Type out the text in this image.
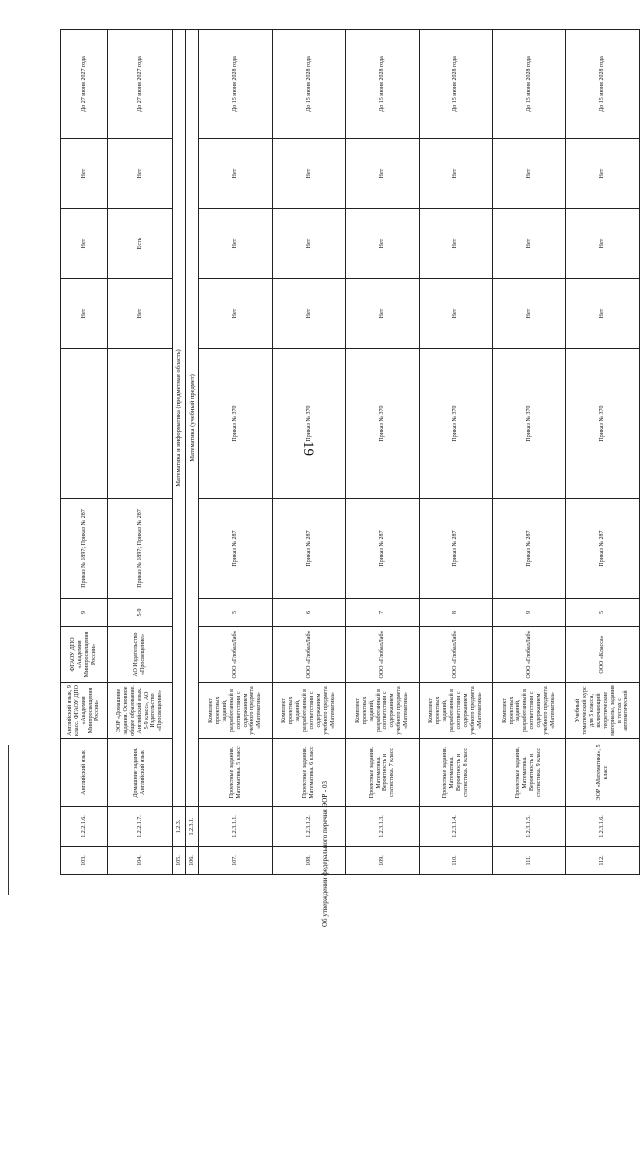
19
Об утверждении федерального перечня ЭОР - 03
103.	1.2.2.1.6.	Английский язык	Английский язык, 9 класс. ФГАОУ ДПО «Академия Минпросвещения России»	ФГАОУ ДПО «Академия Минпросвещения России»	9	Приказ № 1897; Приказ № 287		Нет	Нет	Нет	До 27 июня 2027 года
104.	1.2.2.1.7.	Домашние задания. Английский язык	ЭОР «Домашние задания. Основное общее образование. Английский язык. 5-9 класс», АО Издательство «Просвещение»	АО Издательство «Просвещение»	5-9	Приказ № 1897; Приказ № 287		Нет	Есть	Нет	До 27 июня 2027 года
105.	1.2.3.	Математика и информатика (предметная область)									
106.	1.2.3.1.	Математика (учебный предмет)									
107.	1.2.3.1.1.	Проектные задания. Математика. 5 класс	Комплект проектных заданий, разработанный в соответствии с содержанием учебного предмета «Математика»	ООО «ГлобалЛаб»	5	Приказ № 287	Приказ № 370	Нет	Нет	Нет	До 15 июня 2028 года
108.	1.2.3.1.2.	Проектные задания. Математика. 6 класс	Комплект проектных заданий, разработанный в соответствии с содержанием учебного предмета «Математика»	ООО «ГлобалЛаб»	6	Приказ № 287	Приказ № 370	Нет	Нет	Нет	До 15 июня 2028 года
109.	1.2.3.1.3.	Проектные задания. Математика. Вероятность и статистика. 7 класс	Комплект проектных заданий, разработанный в соответствии с содержанием учебного предмета «Математика»	ООО «ГлобалЛаб»	7	Приказ № 287	Приказ № 370	Нет	Нет	Нет	До 15 июня 2028 года
110.	1.2.3.1.4.	Проектные задания. Математика. Вероятность и статистика. 8 класс	Комплект проектных заданий, разработанный в соответствии с содержанием учебного предмета «Математика»	ООО «ГлобалЛаб»	8	Приказ № 287	Приказ № 370	Нет	Нет	Нет	До 15 июня 2028 года
111.	1.2.3.1.5.	Проектные задания. Математика. Вероятность и статистика. 9 класс	Комплект проектных заданий, разработанный в соответствии с содержанием учебного предмета «Математика»	ООО «ГлобалЛаб»	9	Приказ № 287	Приказ № 370	Нет	Нет	Нет	До 15 июня 2028 года
112.	1.2.3.1.6.	ЭОР «Математика», 5 класс	Учебный тематический курс для 5 класса, включающий теоретические материалы, задания в тестах с автоматической	ООО «Класса»	5	Приказ № 287	Приказ № 370	Нет	Нет	Нет	До 15 июня 2028 года
